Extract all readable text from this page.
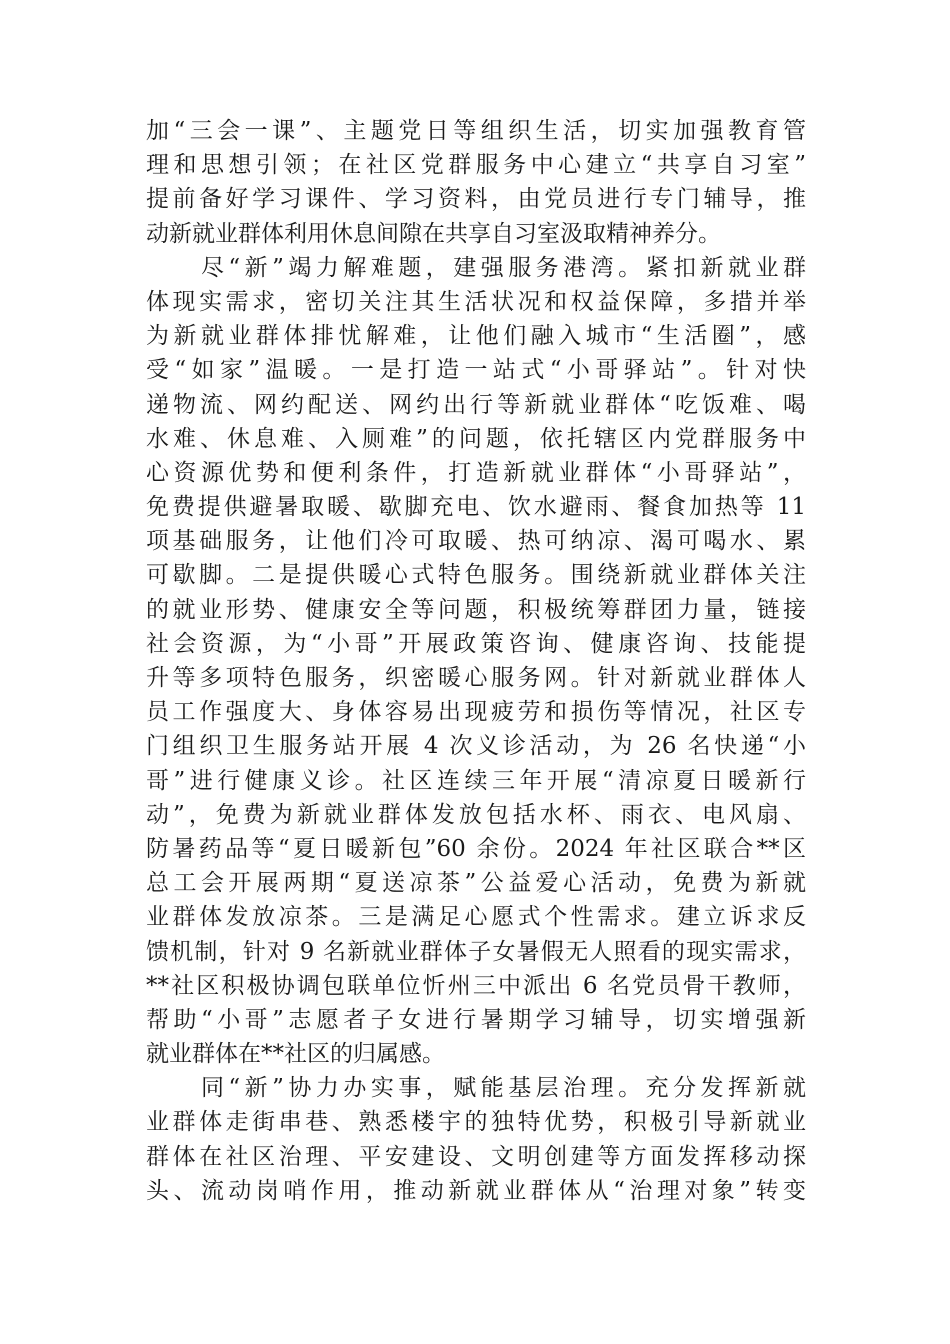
加“三会一课”、主题党日等组织生活，切实加强教育管
理和思想引领；在社区党群服务中心建立“共享自习室”
提前备好学习课件、学习资料，由党员进行专门辅导，推
动新就业群体利用休息间隙在共享自习室汲取精神养分。
　　尽“新”竭力解难题，建强服务港湾。紧扣新就业群
体现实需求，密切关注其生活状况和权益保障，多措并举
为新就业群体排忧解难，让他们融入城市“生活圈”，感
受“如家”温暖。一是打造一站式“小哥驿站”。针对快
递物流、网约配送、网约出行等新就业群体“吃饭难、喝
水难、休息难、入厕难”的问题，依托辖区内党群服务中
心资源优势和便利条件，打造新就业群体“小哥驿站”，
免费提供避暑取暖、歇脚充电、饮水避雨、餐食加热等 11
项基础服务，让他们冷可取暖、热可纳凉、渴可喝水、累
可歇脚。二是提供暖心式特色服务。围绕新就业群体关注
的就业形势、健康安全等问题，积极统筹群团力量，链接
社会资源，为“小哥”开展政策咨询、健康咨询、技能提
升等多项特色服务，织密暖心服务网。针对新就业群体人
员工作强度大、身体容易出现疲劳和损伤等情况，社区专
门组织卫生服务站开展 4 次义诊活动，为 26 名快递“小
哥”进行健康义诊。社区连续三年开展“清凉夏日暖新行
动”，免费为新就业群体发放包括水杯、雨衣、电风扇、
防暑药品等“夏日暖新包”60 余份。2024 年社区联合**区
总工会开展两期“夏送凉茶”公益爱心活动，免费为新就
业群体发放凉茶。三是满足心愿式个性需求。建立诉求反
馈机制，针对 9 名新就业群体子女暑假无人照看的现实需求，
**社区积极协调包联单位忻州三中派出 6 名党员骨干教师，
帮助“小哥”志愿者子女进行暑期学习辅导，切实增强新
就业群体在**社区的归属感。
　　同“新”协力办实事，赋能基层治理。充分发挥新就
业群体走街串巷、熟悉楼宇的独特优势，积极引导新就业
群体在社区治理、平安建设、文明创建等方面发挥移动探
头、流动岗哨作用，推动新就业群体从“治理对象”转变
